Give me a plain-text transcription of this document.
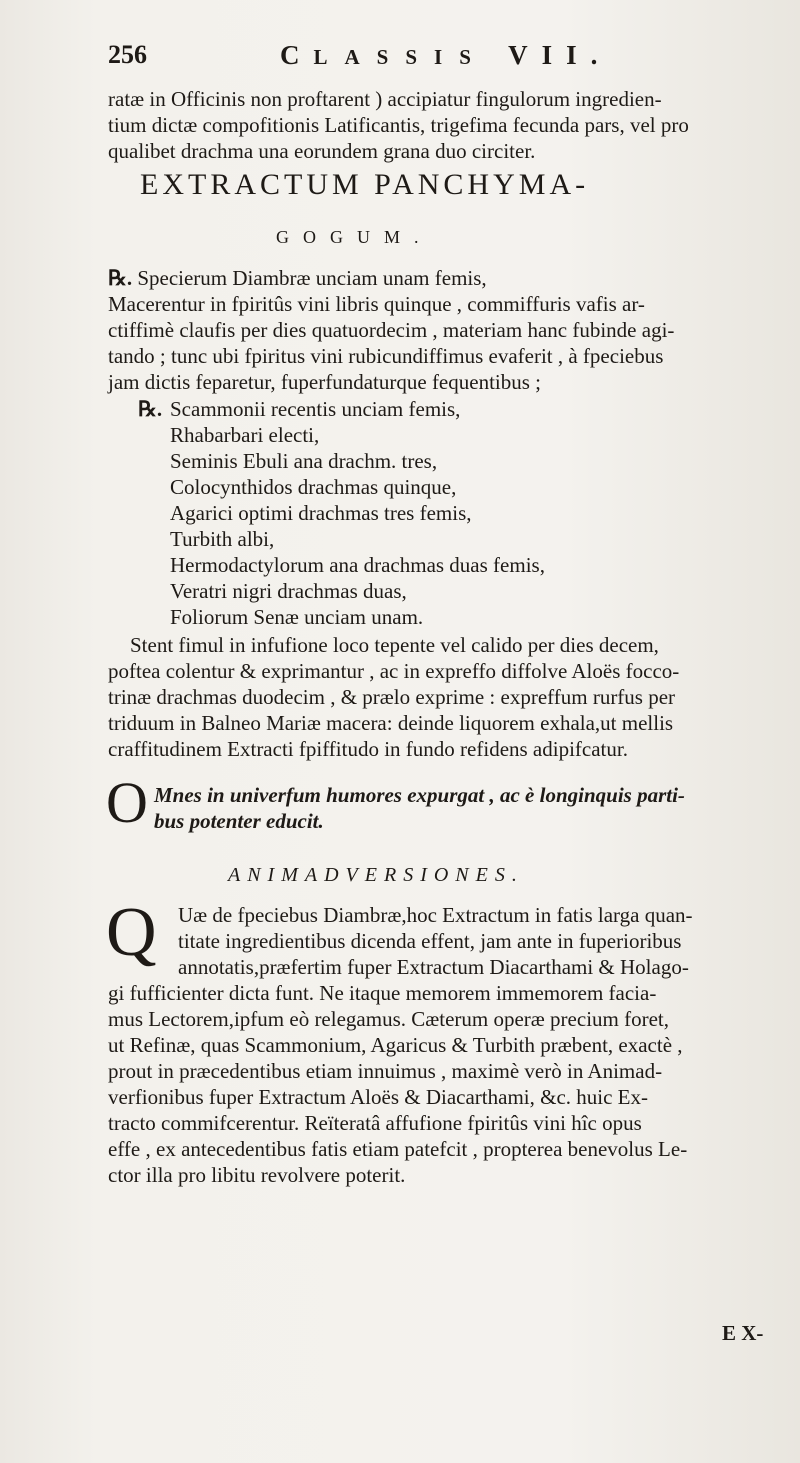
256	CLASSIS VII.
ratæ in Officinis non proftarent ) accipiatur fingulorum ingredien-
tium dictæ compofitionis Latificantis, trigefima fecunda pars, vel pro
qualibet drachma una eorundem grana duo circiter.
EXTRACTUM PANCHYMA-
GOGUM.
℞. Specierum Diambræ unciam unam femis,
Macerentur in fpiritûs vini libris quinque , commiffuris vafis ar-
ctiffimè claufis per dies quatuordecim , materiam hanc fubinde agi-
tando ; tunc ubi fpiritus vini rubicundiffimus evaferit , à fpeciebus
jam dictis feparetur, fuperfundaturque fequentibus ;
℞. Scammonii recentis unciam femis,
Rhabarbari electi,
Seminis Ebuli ana drachm. tres,
Colocynthidos drachmas quinque,
Agarici optimi drachmas tres femis,
Turbith albi,
Hermodactylorum ana drachmas duas femis,
Veratri nigri drachmas duas,
Foliorum Senæ unciam unam.
Stent fimul in infufione loco tepente vel calido per dies decem,
poftea colentur & exprimantur , ac in expreffo diffolve Aloës focco-
trinæ drachmas duodecim , & prælo exprime : expreffum rurfus per
triduum in Balneo Mariæ macera: deinde liquorem exhala,ut mellis
craffitudinem Extracti fpiffitudo in fundo refidens adipifcatur.
O Mnes in univerfum humores expurgat , ac è longinquis parti-
bus potenter educit.
ANIMADVERSIONES.
Q Uæ de fpeciebus Diambræ,hoc Extractum in fatis larga quan-
titate ingredientibus dicenda effent, jam ante in fuperioribus
annotatis,præfertim fuper Extractum Diacarthami & Holago-
gi fufficienter dicta funt. Ne itaque memorem immemorem facia-
mus Lectorem,ipfum eò relegamus. Cæterum operæ precium foret,
ut Refinæ, quas Scammonium, Agaricus & Turbith præbent, exactè ,
prout in præcedentibus etiam innuimus , maximè verò in Animad-
verfionibus fuper Extractum Aloës & Diacarthami, &c. huic Ex-
tracto commifcerentur. Reïteratâ affufione fpiritûs vini hîc opus
effe , ex antecedentibus fatis etiam patefcit , propterea benevolus Le-
ctor illa pro libitu revolvere poterit.
E X-
